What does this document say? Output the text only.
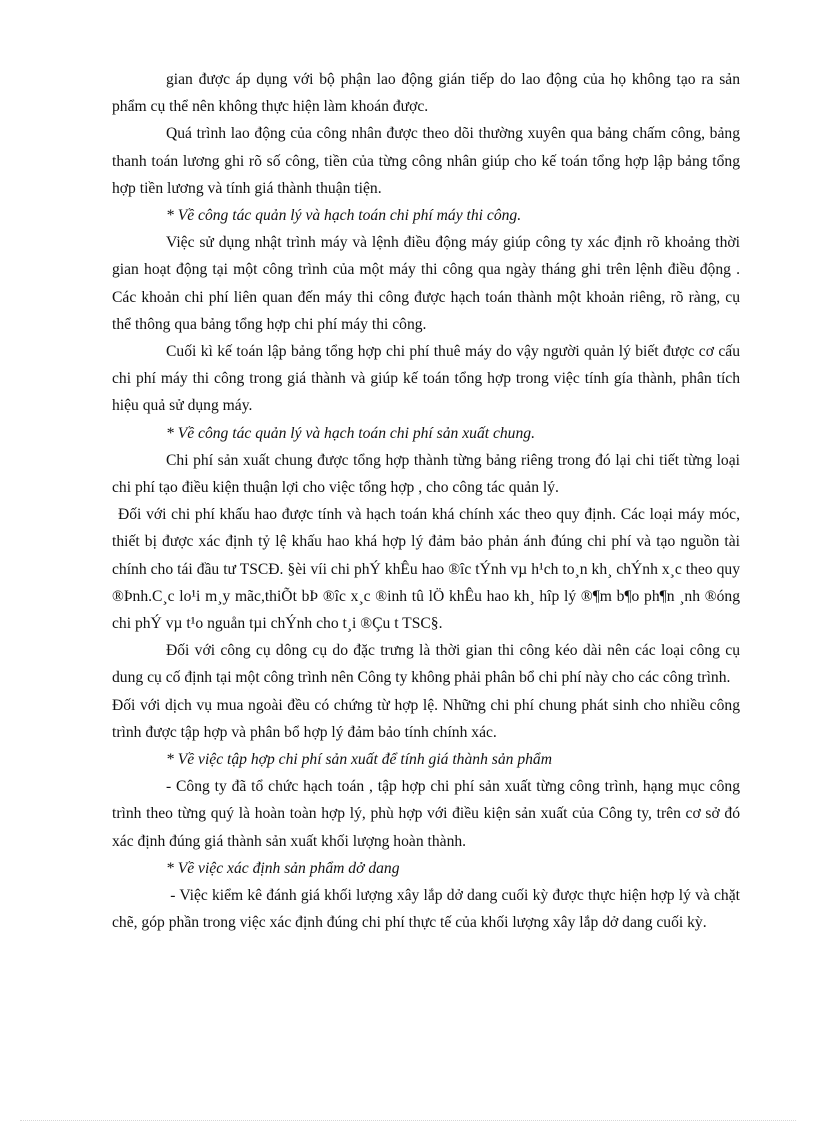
gian được áp dụng với bộ phận lao động gián tiếp do lao động của họ không tạo ra sản phẩm cụ thể nên không thực hiện làm khoán được.

Quá trình lao động của công nhân được theo dõi thường xuyên qua bảng chấm công, bảng thanh toán lương ghi rõ số công, tiền của từng công nhân giúp cho kế toán tổng hợp lập bảng tổng hợp tiền lương và tính giá thành thuận tiện.

* Về công tác quản lý và hạch toán chi phí máy thi công.

Việc sử dụng nhật trình máy và lệnh điều động máy giúp công ty xác định rõ khoảng thời gian hoạt động tại một công trình của một máy thi công qua ngày tháng ghi trên lệnh điều động . Các khoản chi phí liên quan đến máy thi công được hạch toán thành một khoản riêng, rõ ràng, cụ thể thông qua bảng tổng hợp chi phí máy thi công.

Cuối kì kế toán lập bảng tổng hợp chi phí thuê máy do vậy người quản lý biết được cơ cấu chi phí máy thi công trong giá thành và giúp kế toán tổng hợp trong việc tính gía thành, phân tích hiệu quả sử dụng máy.

* Về công tác quản lý và hạch toán chi phí sản xuất chung.

Chi phí sản xuất chung được tổng hợp thành từng bảng riêng trong đó lại chi tiết từng loại chi phí tạo điều kiện thuận lợi cho việc tổng hợp , cho công tác quản lý.

Đối với chi phí khấu hao được tính và hạch toán khá chính xác theo quy định. Các loại máy móc, thiết bị được xác định tỷ lệ khấu hao khá hợp lý đảm bảo phản ánh đúng chi phí và tạo nguồn tài chính cho tái đầu tư TSCĐ. §èi víi chi phÝ khÊu hao ®îc tÝnh vµ h¹ch to¸n kh¸ chÝnh x¸c theo quy ®Þnh.C¸c lo¹i m¸y mãc,thiÕt bÞ ®îc x¸c ®inh tû lÖ khÊu hao kh¸ hîp lý ®¶m b¶o ph¶n ¸nh ®óng chi phÝ vµ t¹o nguån tµi chÝnh cho t¸i ®Çu t TSC§.

Đối với công cụ dông cụ do đặc trưng là thời gian thi công kéo dài nên các loại công cụ dung cụ cố định tại một công trình nên Công ty không phải phân bổ chi phí này cho các công trình.

Đối với dịch vụ mua ngoài đều có chứng từ hợp lệ. Những chi phí chung phát sinh cho nhiều công trình được tập hợp và phân bổ hợp lý đảm bảo tính chính xác.

* Về việc tập hợp chi phí sản xuất để tính giá thành sản phẩm

- Công ty đã tổ chức hạch toán , tập hợp chi phí sản xuất từng công trình, hạng mục công trình theo từng quý là hoàn toàn hợp lý, phù hợp với điều kiện sản xuất của Công ty, trên cơ sở đó xác định đúng giá thành sản xuất khối lượng hoàn thành.

* Về việc xác định sản phẩm dở dang

- Việc kiểm kê đánh giá khối lượng xây lắp dở dang cuối kỳ được thực hiện hợp lý và chặt chẽ, góp phần trong việc xác định đúng chi phí thực tế của khối lượng xây lắp dở dang cuối kỳ.
